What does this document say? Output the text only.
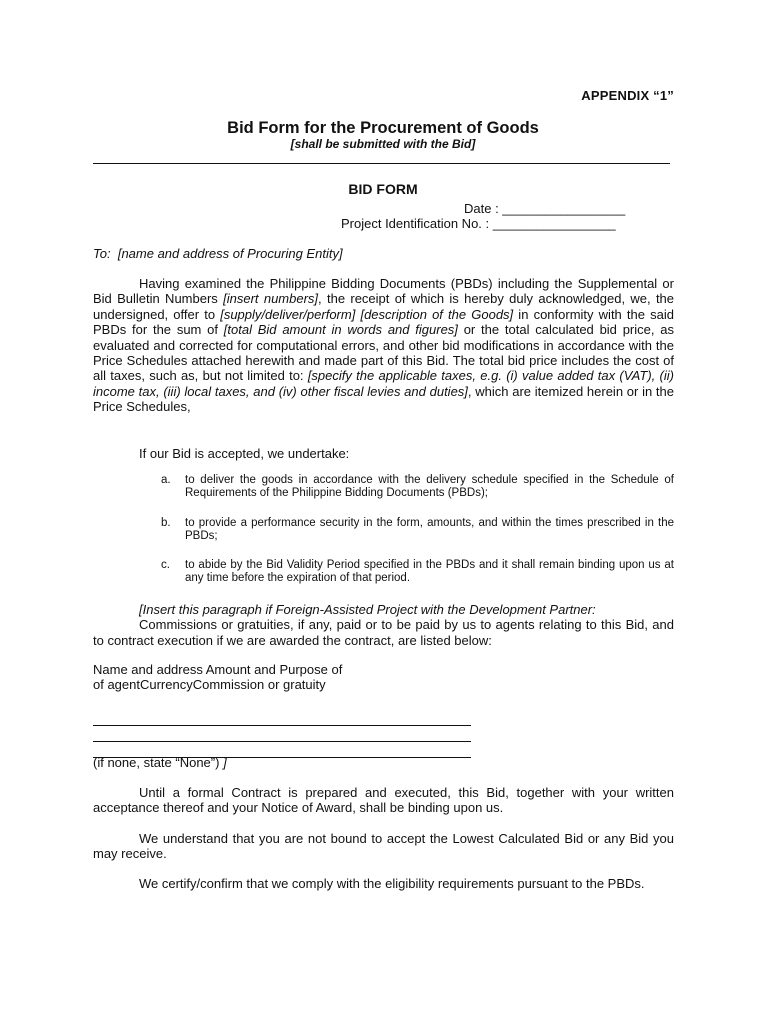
APPENDIX “1”
Bid Form for the Procurement of Goods
[shall be submitted with the Bid]
BID FORM
Date : _________________
Project Identification No. : _________________
To: [name and address of Procuring Entity]
Having examined the Philippine Bidding Documents (PBDs) including the Supplemental or Bid Bulletin Numbers [insert numbers], the receipt of which is hereby duly acknowledged, we, the undersigned, offer to [supply/deliver/perform] [description of the Goods] in conformity with the said PBDs for the sum of [total Bid amount in words and figures] or the total calculated bid price, as evaluated and corrected for computational errors, and other bid modifications in accordance with the Price Schedules attached herewith and made part of this Bid. The total bid price includes the cost of all taxes, such as, but not limited to: [specify the applicable taxes, e.g. (i) value added tax (VAT), (ii) income tax, (iii) local taxes, and (iv) other fiscal levies and duties], which are itemized herein or in the Price Schedules,
If our Bid is accepted, we undertake:
a. to deliver the goods in accordance with the delivery schedule specified in the Schedule of Requirements of the Philippine Bidding Documents (PBDs);
b. to provide a performance security in the form, amounts, and within the times prescribed in the PBDs;
c. to abide by the Bid Validity Period specified in the PBDs and it shall remain binding upon us at any time before the expiration of that period.
[Insert this paragraph if Foreign-Assisted Project with the Development Partner:
Commissions or gratuities, if any, paid or to be paid by us to agents relating to this Bid, and to contract execution if we are awarded the contract, are listed below:
Name and address Amount and Purpose of
of agentCurrencyCommission or gratuity
(if none, state “None”) ]
Until a formal Contract is prepared and executed, this Bid, together with your written acceptance thereof and your Notice of Award, shall be binding upon us.
We understand that you are not bound to accept the Lowest Calculated Bid or any Bid you may receive.
We certify/confirm that we comply with the eligibility requirements pursuant to the PBDs.
